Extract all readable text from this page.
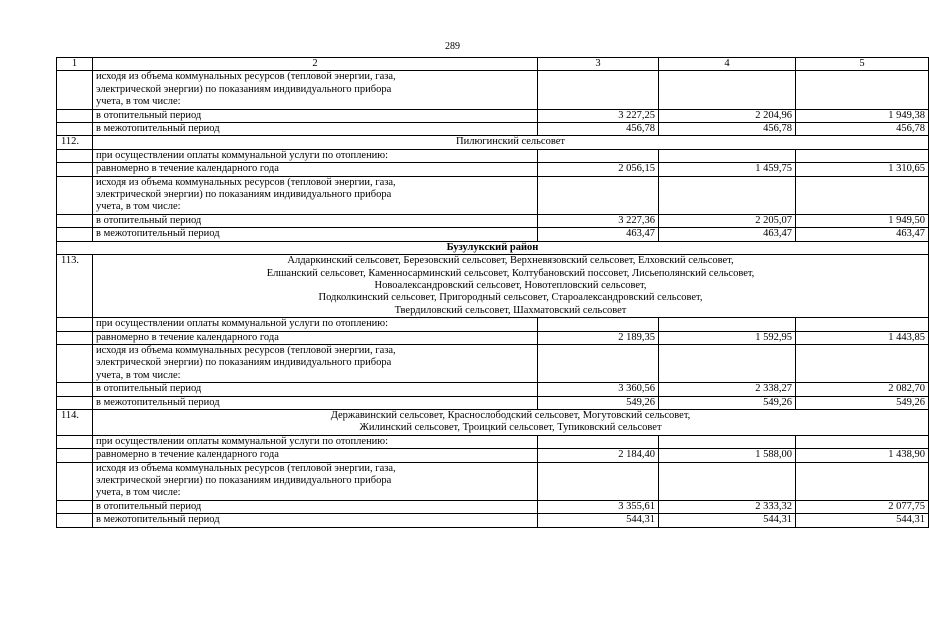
289
1	2	3	4	5

	исходя из объема коммунальных ресурсов (тепловой энергии, газа,
электрической энергии) по показаниям индивидуального прибора
учета, в том числе:			

	в отопительный период	3 227,25	2 204,96	1 949,38
	в межотопительный период	456,78	456,78	456,78
112.	Пилюгинский сельсовет			

	при осуществлении оплаты коммунальной услуги по отоплению:			
	равномерно в течение календарного года	2 056,15	1 459,75	1 310,65

	исходя из объема коммунальных ресурсов (тепловой энергии, газа,
электрической энергии) по показаниям индивидуального прибора
учета, в том числе:			

	в отопительный период	3 227,36	2 205,07	1 949,50
	в межотопительный период	463,47	463,47	463,47
Бузулукский район				
113.	Алдаркинский сельсовет, Березовский сельсовет, Верхневязовский сельсовет, Елховский сельсовет,
Елшанский сельсовет, Каменносарминский сельсовет, Колтубановский поссовет, Лисьеполянский сельсовет,
Новоалександровский сельсовет, Новотепловский сельсовет,
Подколкинский сельсовет, Пригородный сельсовет, Староалександровский сельсовет,
Твердиловский сельсовет, Шахматовский сельсовет			

	при осуществлении оплаты коммунальной услуги по отоплению:			
	равномерно в течение календарного года	2 189,35	1 592,95	1 443,85

	исходя из объема коммунальных ресурсов (тепловой энергии, газа,
электрической энергии) по показаниям индивидуального прибора
учета, в том числе:			

	в отопительный период	3 360,56	2 338,27	2 082,70
	в межотопительный период	549,26	549,26	549,26
114.	Державинский сельсовет, Краснослободский сельсовет, Могутовский сельсовет,
Жилинский сельсовет, Троицкий сельсовет, Тупиковский сельсовет			

	при осуществлении оплаты коммунальной услуги по отоплению:			
	равномерно в течение календарного года	2 184,40	1 588,00	1 438,90

	исходя из объема коммунальных ресурсов (тепловой энергии, газа,
электрической энергии) по показаниям индивидуального прибора
учета, в том числе:			

	в отопительный период	3 355,61	2 333,32	2 077,75
	в межотопительный период	544,31	544,31	544,31
